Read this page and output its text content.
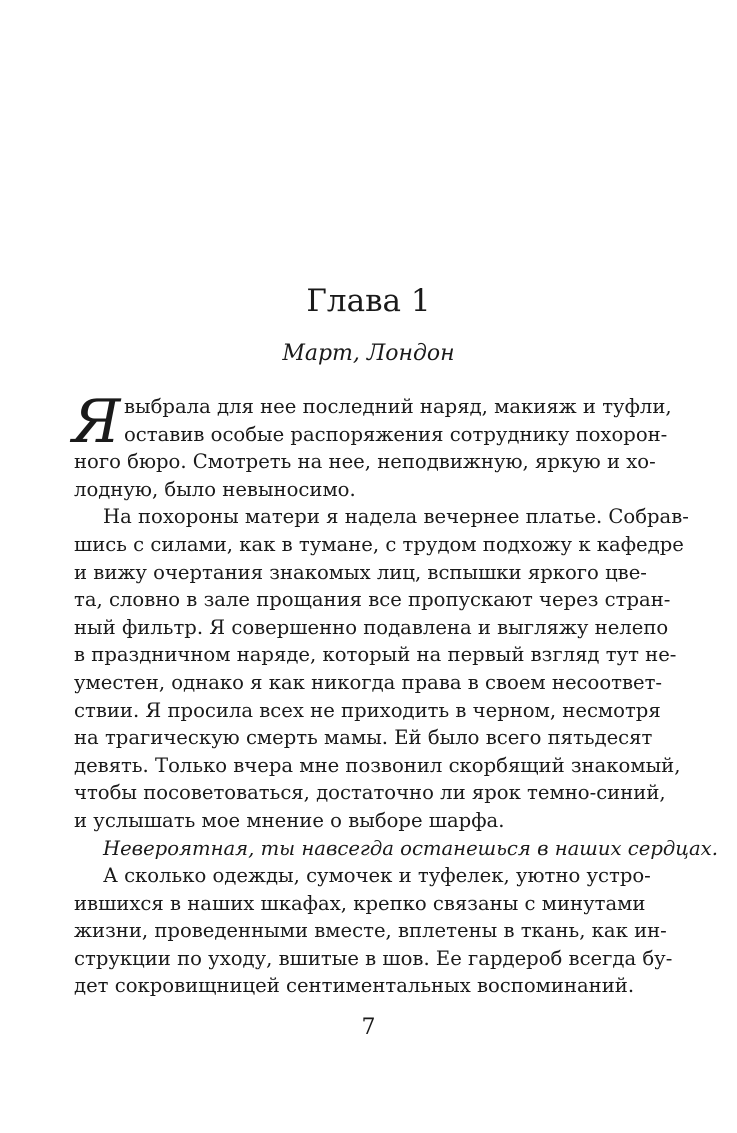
Глава 1
Март, Лондон
Я выбрала для нее последний наряд, макияж и туфли,
оставив особые распоряжения сотруднику похорон-
ного бюро. Смотреть на нее, неподвижную, яркую и хо-
лодную, было невыносимо.
На похороны матери я надела вечернее платье. Собрав-
шись с силами, как в тумане, с трудом подхожу к кафедре
и вижу очертания знакомых лиц, вспышки яркого цве-
та, словно в зале прощания все пропускают через стран-
ный фильтр. Я совершенно подавлена и выгляжу нелепо
в праздничном наряде, который на первый взгляд тут не-
уместен, однако я как никогда права в своем несоответ-
ствии. Я просила всех не приходить в черном, несмотря
на трагическую смерть мамы. Ей было всего пятьдесят
девять. Только вчера мне позвонил скорбящий знакомый,
чтобы посоветоваться, достаточно ли ярок темно-синий,
и услышать мое мнение о выборе шарфа.
Невероятная, ты навсегда останешься в наших сердцах.
А сколько одежды, сумочек и туфелек, уютно устро-
ившихся в наших шкафах, крепко связаны с минутами
жизни, проведенными вместе, вплетены в ткань, как ин-
струкции по уходу, вшитые в шов. Ее гардероб всегда бу-
дет сокровищницей сентиментальных воспоминаний.
7
